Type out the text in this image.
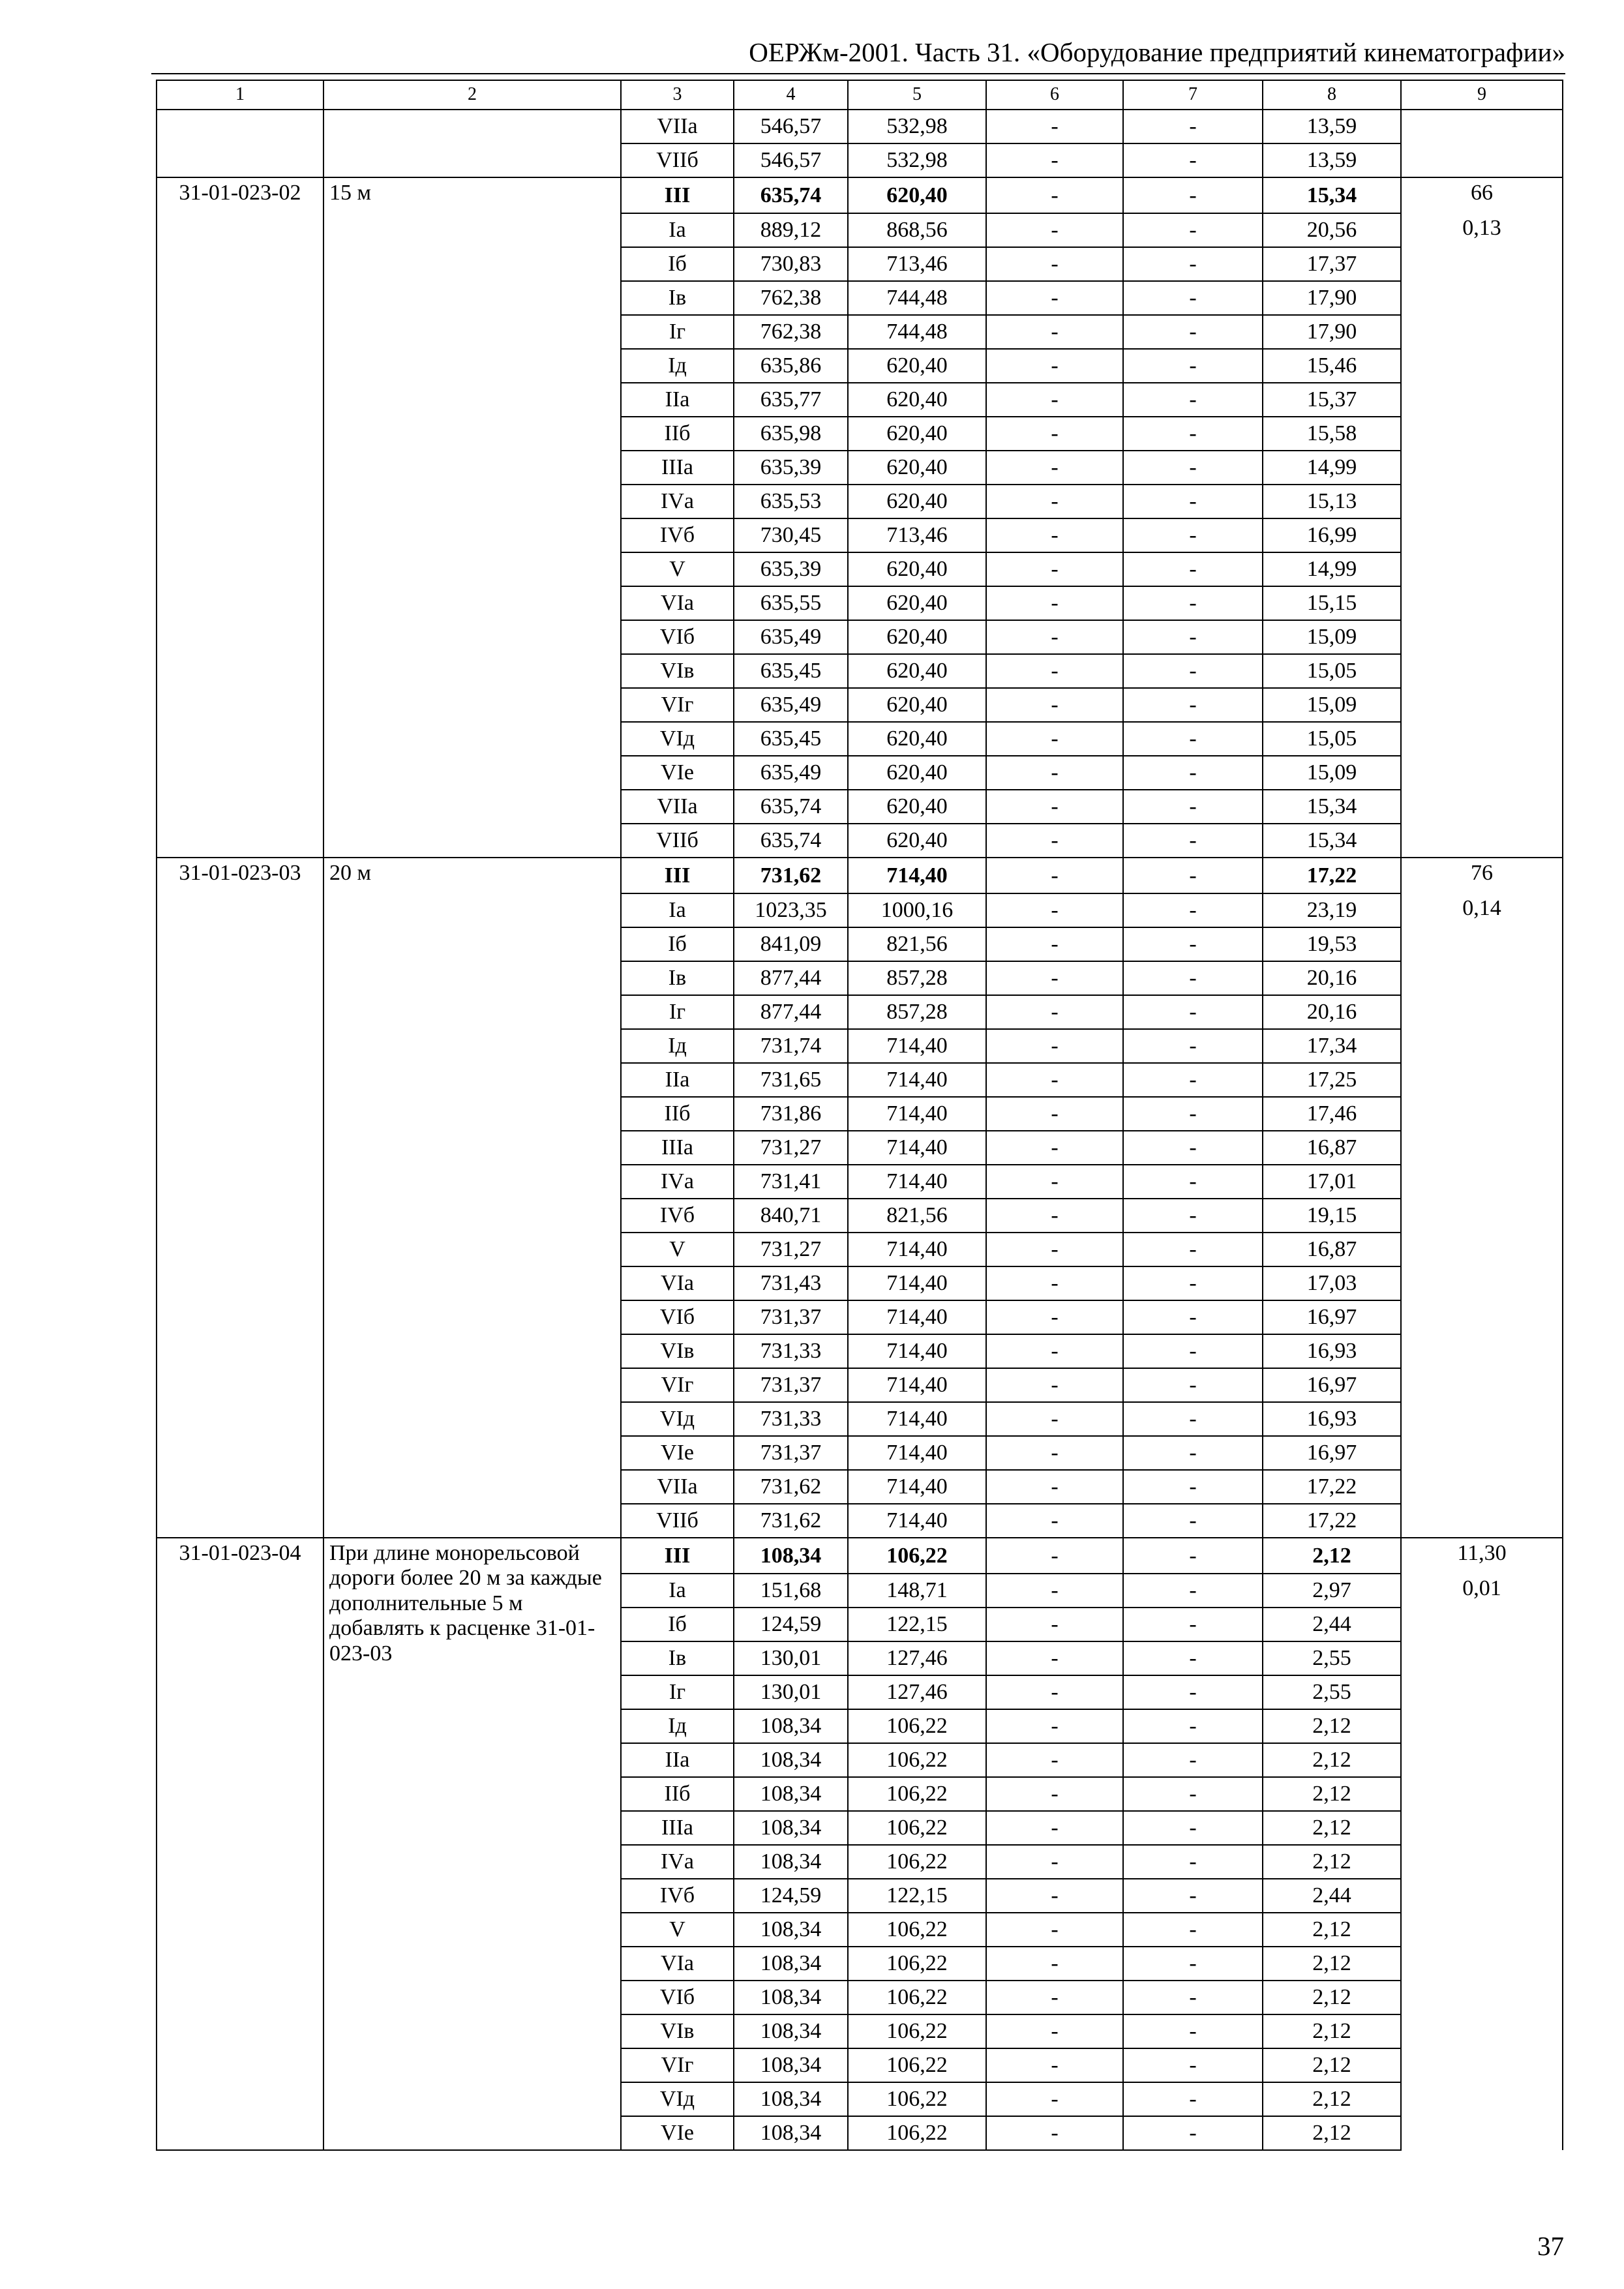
ОЕРЖм-2001. Часть 31. «Оборудование предприятий кинематографии»
1	2	3	4	5	6	7	8	9
		VIIа	546,57	532,98	-	-	13,59	
		VIIб	546,57	532,98	-	-	13,59	
31-01-023-02	15 м	III	635,74	620,40	-	-	15,34	66
		Iа	889,12	868,56	-	-	20,56	0,13
		Iб	730,83	713,46	-	-	17,37	
		Iв	762,38	744,48	-	-	17,90	
		Iг	762,38	744,48	-	-	17,90	
		Iд	635,86	620,40	-	-	15,46	
		IIа	635,77	620,40	-	-	15,37	
		IIб	635,98	620,40	-	-	15,58	
		IIIа	635,39	620,40	-	-	14,99	
		IVа	635,53	620,40	-	-	15,13	
		IVб	730,45	713,46	-	-	16,99	
		V	635,39	620,40	-	-	14,99	
		VIа	635,55	620,40	-	-	15,15	
		VIб	635,49	620,40	-	-	15,09	
		VIв	635,45	620,40	-	-	15,05	
		VIг	635,49	620,40	-	-	15,09	
		VIд	635,45	620,40	-	-	15,05	
		VIе	635,49	620,40	-	-	15,09	
		VIIа	635,74	620,40	-	-	15,34	
		VIIб	635,74	620,40	-	-	15,34	
31-01-023-03	20 м	III	731,62	714,40	-	-	17,22	76
		Iа	1023,35	1000,16	-	-	23,19	0,14
		Iб	841,09	821,56	-	-	19,53	
		Iв	877,44	857,28	-	-	20,16	
		Iг	877,44	857,28	-	-	20,16	
		Iд	731,74	714,40	-	-	17,34	
		IIа	731,65	714,40	-	-	17,25	
		IIб	731,86	714,40	-	-	17,46	
		IIIа	731,27	714,40	-	-	16,87	
		IVа	731,41	714,40	-	-	17,01	
		IVб	840,71	821,56	-	-	19,15	
		V	731,27	714,40	-	-	16,87	
		VIа	731,43	714,40	-	-	17,03	
		VIб	731,37	714,40	-	-	16,97	
		VIв	731,33	714,40	-	-	16,93	
		VIг	731,37	714,40	-	-	16,97	
		VIд	731,33	714,40	-	-	16,93	
		VIе	731,37	714,40	-	-	16,97	
		VIIа	731,62	714,40	-	-	17,22	
		VIIб	731,62	714,40	-	-	17,22	
31-01-023-04	При длине монорельсовой дороги более 20 м за каждые дополнительные 5 м добавлять к расценке 31-01-023-03	III	108,34	106,22	-	-	2,12	11,30
		Iа	151,68	148,71	-	-	2,97	0,01
		Iб	124,59	122,15	-	-	2,44	
		Iв	130,01	127,46	-	-	2,55	
		Iг	130,01	127,46	-	-	2,55	
		Iд	108,34	106,22	-	-	2,12	
		IIа	108,34	106,22	-	-	2,12	
		IIб	108,34	106,22	-	-	2,12	
		IIIа	108,34	106,22	-	-	2,12	
		IVа	108,34	106,22	-	-	2,12	
		IVб	124,59	122,15	-	-	2,44	
		V	108,34	106,22	-	-	2,12	
		VIа	108,34	106,22	-	-	2,12	
		VIб	108,34	106,22	-	-	2,12	
		VIв	108,34	106,22	-	-	2,12	
		VIг	108,34	106,22	-	-	2,12	
		VIд	108,34	106,22	-	-	2,12	
		VIе	108,34	106,22	-	-	2,12	
37
